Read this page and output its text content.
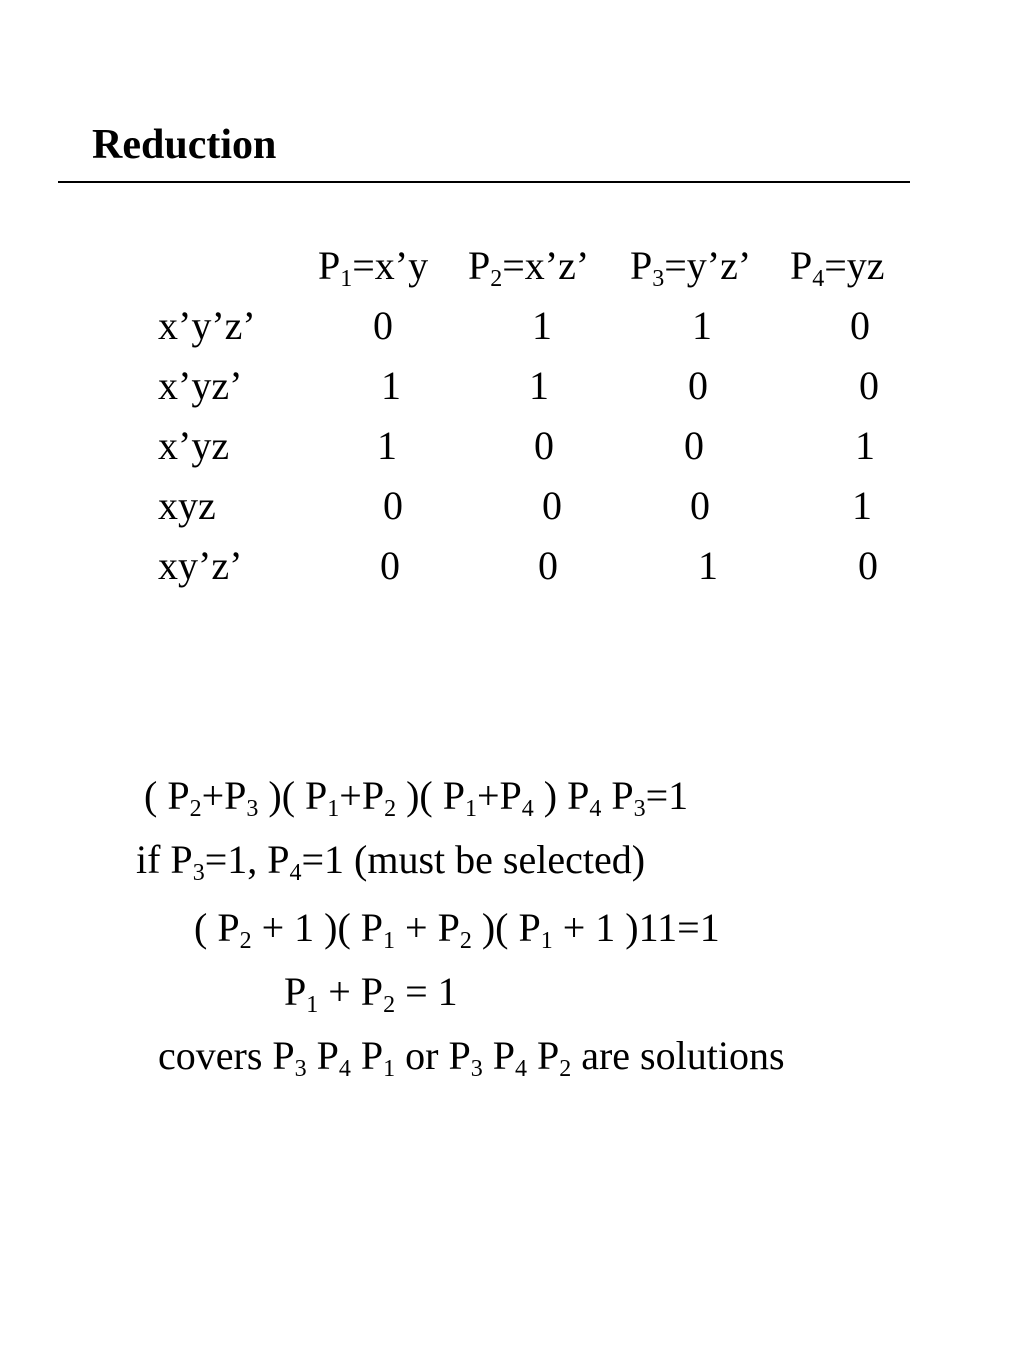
Reduction
$P_1=x’y$ $P_2=x’z$’ $P_3=y’z$’ $P_4=yz$
x’y’z’	0	1	1	0
x’yz’	1	1	0	0
x’yz	1	0	0	1
xyz	0	0	0	1
xy’z’	0	0	1	0
( $P_2+P_3$ )( $P_1+P_2$ )( $P_1+P_4$ ) $P_4$ $P_3=1$
if $P_3=1$, $P_4=1$ (must be selected)
( $P_2 + 1$ )( $P_1 + P_2$ )( $P_1 + 1$ )11=1
$P_1 + P_2 = 1$
covers $P_3$ $P_4$ $P_1$ or $P_3$ $P_4$ $P_2$ are solutions
